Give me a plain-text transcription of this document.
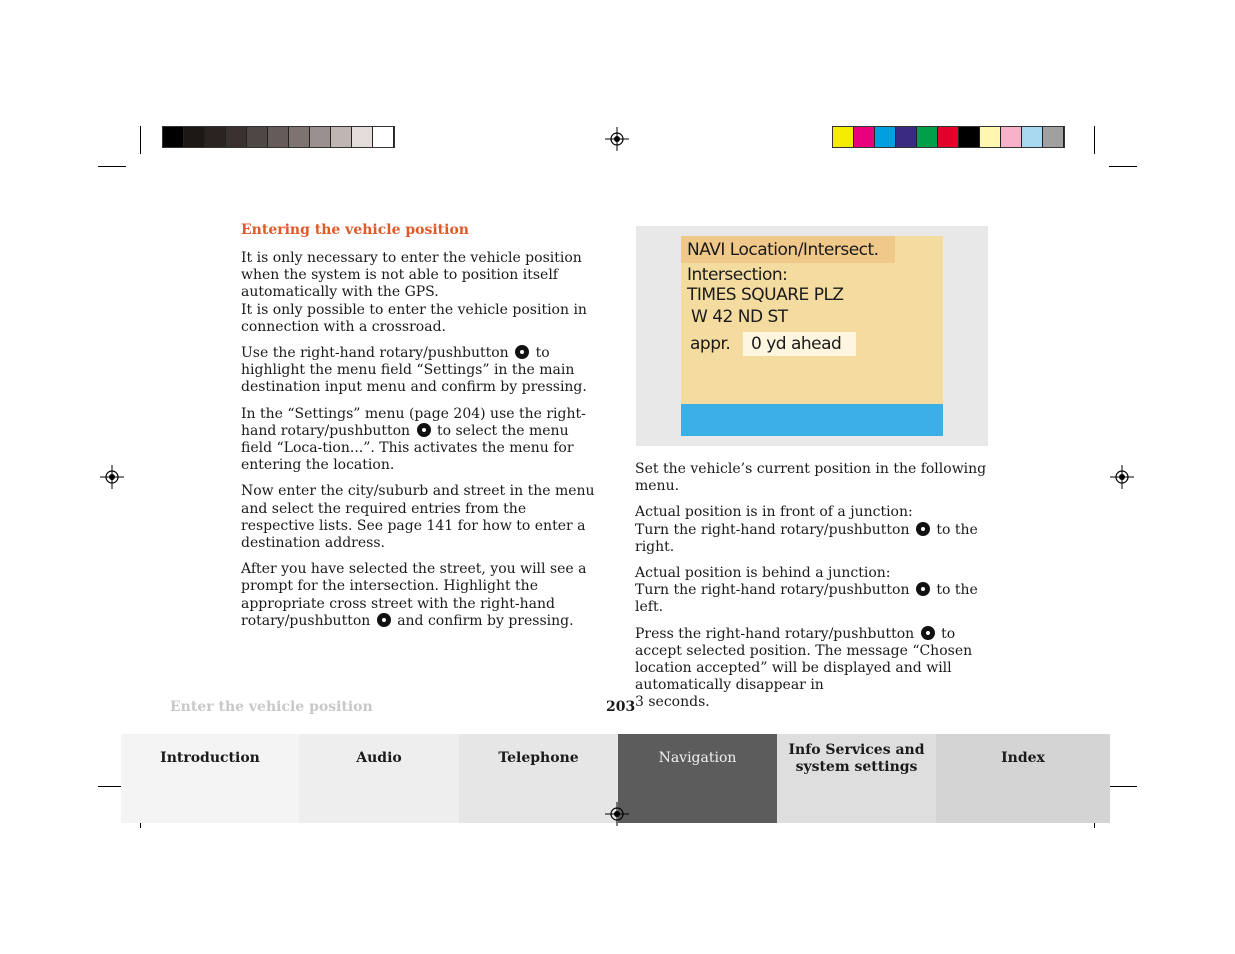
Entering the vehicle position

It is only necessary to enter the vehicle position when the system is not able to position itself automatically with the GPS.
It is only possible to enter the vehicle position in connection with a crossroad.

Use the right-hand rotary/pushbutton to highlight the menu field “Settings” in the main destination input menu and confirm by pressing.

In the “Settings” menu (page 204) use the right-hand rotary/pushbutton to select the menu field “Loca-tion...”. This activates the menu for entering the location.

Now enter the city/suburb and street in the menu and select the required entries from the respective lists. See page 141 for how to enter a destination address.

After you have selected the street, you will see a prompt for the intersection. Highlight the appropriate cross street with the right-hand rotary/pushbutton and confirm by pressing.

NAVI Location/Intersect.
Intersection:
TIMES SQUARE PLZ
W 42 ND ST
appr.	0 yd ahead

Set the vehicle’s current position in the following menu.

Actual position is in front of a junction:
Turn the right-hand rotary/pushbutton to the right.

Actual position is behind a junction:
Turn the right-hand rotary/pushbutton to the left.

Press the right-hand rotary/pushbutton to accept selected position. The message “Chosen location accepted” will be displayed and will automatically disappear in
3 seconds.

Enter the vehicle position	203
Introduction	Audio	Telephone	Navigation	Info Services and
system settings
Index
